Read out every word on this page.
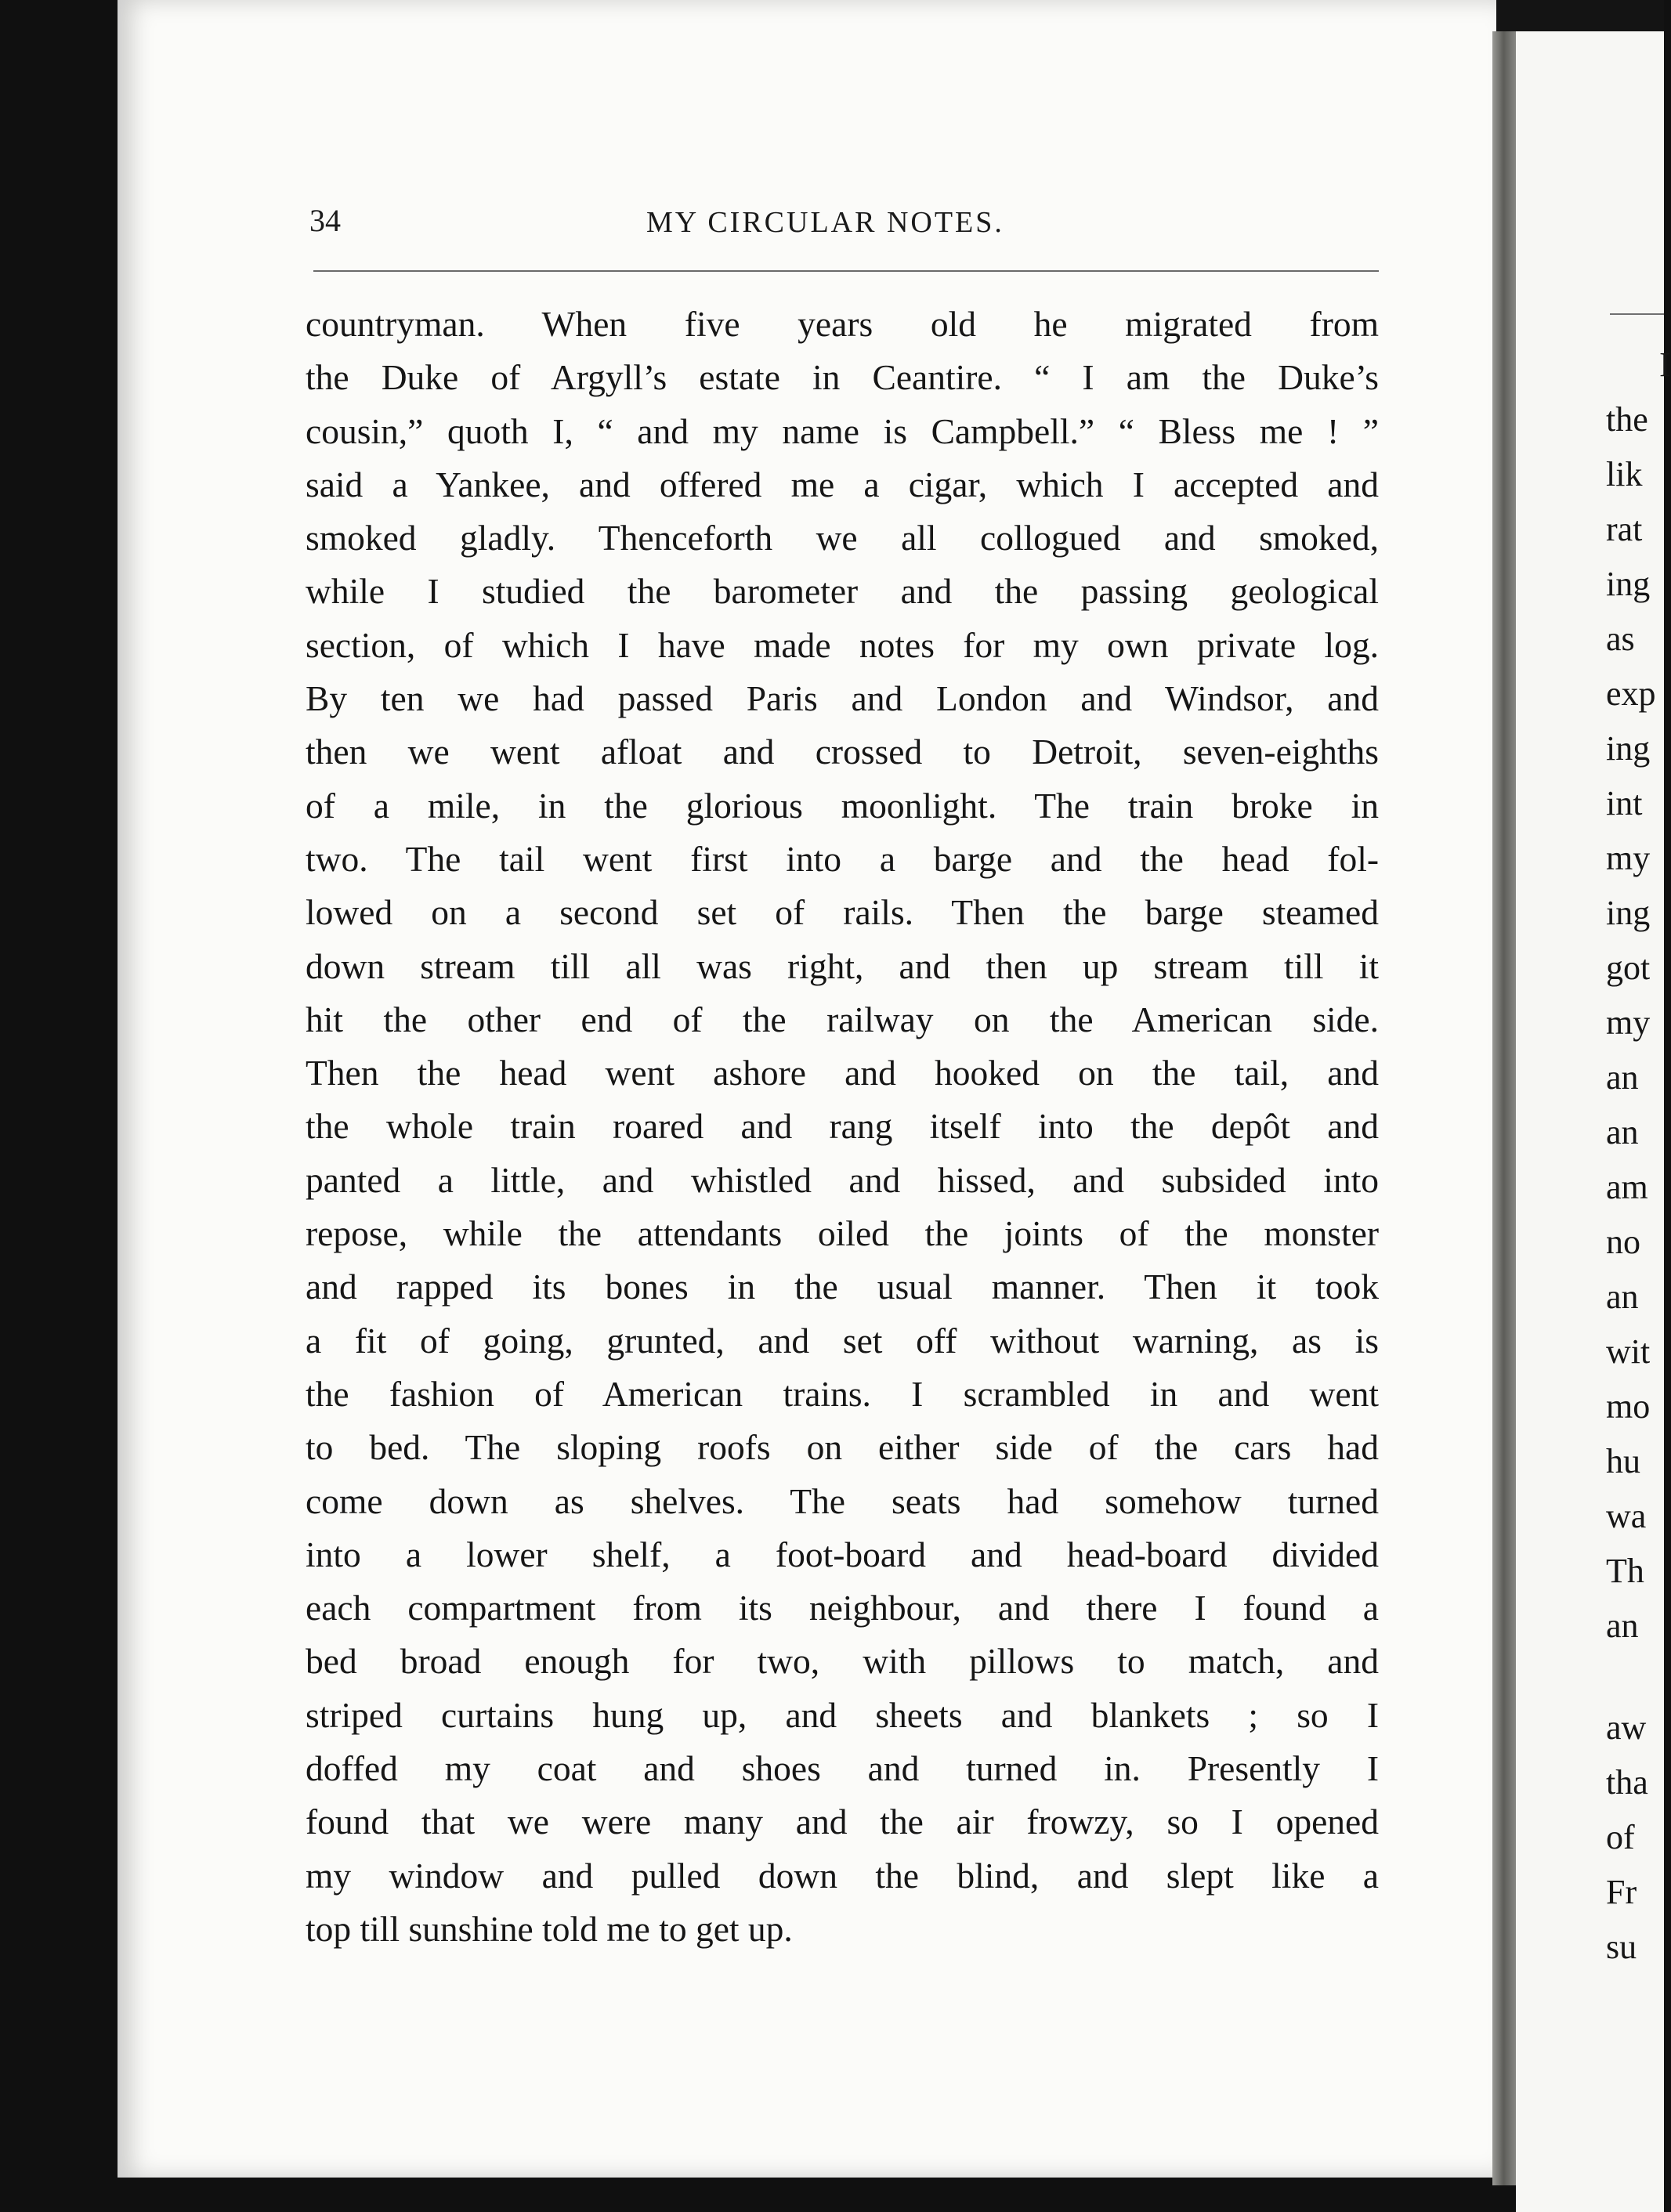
34	MY CIRCULAR NOTES.
countryman. When five years old he migrated from
the Duke of Argyll’s estate in Ceantire. “ I am the Duke’s
cousin,” quoth I, “ and my name is Campbell.” “ Bless me ! ”
said a Yankee, and offered me a cigar, which I accepted and
smoked gladly. Thenceforth we all collogued and smoked,
while I studied the barometer and the passing geological
section, of which I have made notes for my own private log.
By ten we had passed Paris and London and Windsor, and
then we went afloat and crossed to Detroit, seven-eighths
of a mile, in the glorious moonlight. The train broke in
two. The tail went first into a barge and the head fol-
lowed on a second set of rails. Then the barge steamed
down stream till all was right, and then up stream till it
hit the other end of the railway on the American side.
Then the head went ashore and hooked on the tail, and
the whole train roared and rang itself into the depôt and
panted a little, and whistled and hissed, and subsided into
repose, while the attendants oiled the joints of the monster
and rapped its bones in the usual manner. Then it took
a fit of going, grunted, and set off without warning, as is
the fashion of American trains. I scrambled in and went
to bed. The sloping roofs on either side of the cars had
come down as shelves. The seats had somehow turned
into a lower shelf, a foot-board and head-board divided
each compartment from its neighbour, and there I found a
bed broad enough for two, with pillows to match, and
striped curtains hung up, and sheets and blankets ; so I
doffed my coat and shoes and turned in. Presently I
found that we were many and the air frowzy, so I opened
my window and pulled down the blind, and slept like a
top till sunshine told me to get up.
I
the
lik
rat
ing
as
exp
ing
int
my
ing
got
my
an
an
am
no
an
wit
mo
hu
wa
Th
an
aw
tha
of
Fr
su
